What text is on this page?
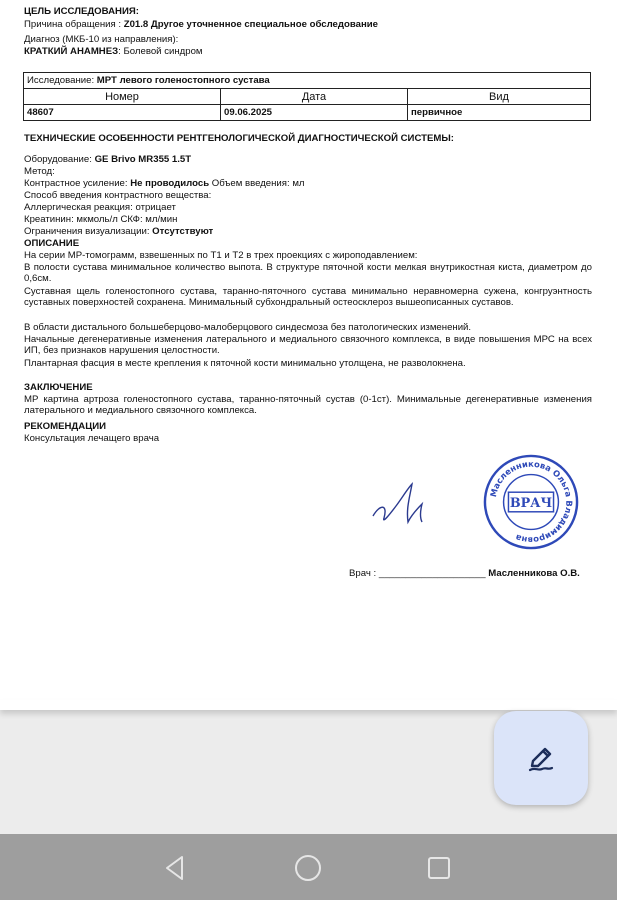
ЦЕЛЬ ИССЛЕДОВАНИЯ:
Причина обращения : Z01.8 Другое уточненное специальное обследование
Диагноз (МКБ-10 из направления):
КРАТКИЙ АНАМНЕЗ: Болевой синдром
Исследование: МРТ левого голеностопного сустава		
Номер	Дата	Вид
48607	09.06.2025	первичное
ТЕХНИЧЕСКИЕ ОСОБЕННОСТИ РЕНТГЕНОЛОГИЧЕСКОЙ ДИАГНОСТИЧЕСКОЙ СИСТЕМЫ:
Оборудование: GE Brivo MR355 1.5T
Метод:
Контрастное усиление: Не проводилось Объем введения: мл
Способ введения контрастного вещества:
Аллергическая реакция: отрицает
Креатинин: мкмоль/л СКФ: мл/мин
Ограничения визуализации: Отсутствуют
ОПИСАНИЕ
На серии МР-томограмм, взвешенных по Т1 и Т2 в трех проекциях с жироподавлением:
В полости сустава минимальное количество выпота. В структуре пяточной кости мелкая внутрикостная киста, диаметром до 0,6см.
Суставная щель голеностопного сустава, таранно-пяточного сустава минимально неравномерна сужена, конгруэнтность суставных поверхностей сохранена. Минимальный субхондральный остеосклероз вышеописанных суставов.
В области дистального большеберцово-малоберцового синдесмоза без патологических изменений.
Начальные дегенеративные изменения латерального и медиального связочного комплекса, в виде повышения МРС на всех ИП, без признаков нарушения целостности.
Плантарная фасция в месте крепления к пяточной кости минимально утолщена, не разволокнена.
ЗАКЛЮЧЕНИЕ
МР картина артроза голеностопного сустава, таранно-пяточный сустав (0-1ст). Минимальные дегенеративные изменения латерального и медиального связочного комплекса.
РЕКОМЕНДАЦИИ
Консультация лечащего врача
Масленникова Ольга Владимировна
ВРАЧ
Врач : ____________________ Масленникова О.В.
